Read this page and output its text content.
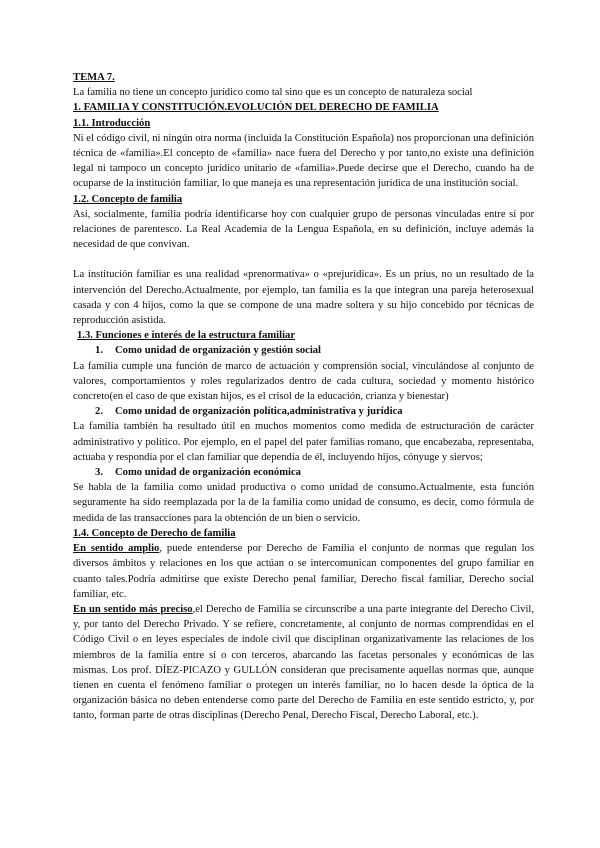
TEMA 7.

La familia no tiene un concepto jurídico como tal sino que es un concepto de naturaleza social

1. FAMILIA Y CONSTITUCIÓN.EVOLUCIÓN DEL DERECHO DE FAMILIA
1.1. Introducción

Ni el código civil, ni ningún otra norma (incluida la Constitución Española) nos proporcionan una definición técnica de «familia».El concepto de «familia» nace fuera del Derecho y por tanto,no existe una definición legal ni tampoco un concepto jurídico unitario de «familia».Puede decirse que el Derecho, cuando ha de ocuparse de la institución familiar, lo que maneja es una representación jurídica de una institución social.

1.2. Concepto de familia

Así, socialmente, familia podría identificarse hoy con cualquier grupo de personas vinculadas entre sí por relaciones de parentesco. La Real Academia de la Lengua Española, en su definición, incluye además la necesidad de que convivan.

La institución familiar es una realidad «prenormativa» o «prejurídica». Es un prius, no un resultado de la intervención del Derecho.Actualmente, por ejemplo, tan familia es la que integran una pareja heterosexual casada y con 4 hijos, como la que se compone de una madre soltera y su hijo concebido por técnicas de reproducción asistida.

1.3. Funciones e interés de la estructura familiar
1. Como unidad de organización y gestión social

La familia cumple una función de marco de actuación y comprensión social, vinculándose al conjunto de valores, comportamientos y roles regularizados dentro de cada cultura, sociedad y momento histórico concreto(en el caso de que existan hijos, es el crisol de la educación, crianza y bienestar)

2. Como unidad de organización política,administrativa y jurídica

La familia también ha resultado útil en muchos momentos como medida de estructuración de carácter administrativo y político. Por ejemplo, en el papel del pater familias romano, que encabezaba, representaba, actuaba y respondía por el clan familiar que dependía de él, incluyendo hijos, cónyuge y siervos;

3. Como unidad de organización económica

Se habla de la familia como unidad productiva o como unidad de consumo.Actualmente, esta función seguramente ha sido reemplazada por la de la familia como unidad de consumo, es decir, como fórmula de medida de las transacciones para la obtención de un bien o servicio.

1.4. Concepto de Derecho de familia

En sentido amplio, puede entenderse por Derecho de Familia el conjunto de normas que regulan los diversos ámbitos y relaciones en los que actúan o se intercomunican componentes del grupo familiar en cuanto tales.Podría admitirse que existe Derecho penal familiar, Derecho fiscal familiar, Derecho social familiar, etc.

En un sentido más preciso,el Derecho de Familia se circunscribe a una parte integrante del Derecho Civil, y, por tanto del Derecho Privado. Y se refiere, concretamente, al conjunto de normas comprendidas en el Código Civil o en leyes especiales de índole civil que disciplinan organizativamente las relaciones de los miembros de la familia entre sí o con terceros, abarcando las facetas personales y económicas de las mismas. Los prof. DÍEZ-PICAZO y GULLÓN consideran que precisamente aquellas normas que, aunque tienen en cuenta el fenómeno familiar o protegen un interés familiar, no lo hacen desde la óptica de la organización básica no deben entenderse como parte del Derecho de Familia en este sentido estricto, y, por tanto, forman parte de otras disciplinas (Derecho Penal, Derecho Fiscal, Derecho Laboral, etc.).
